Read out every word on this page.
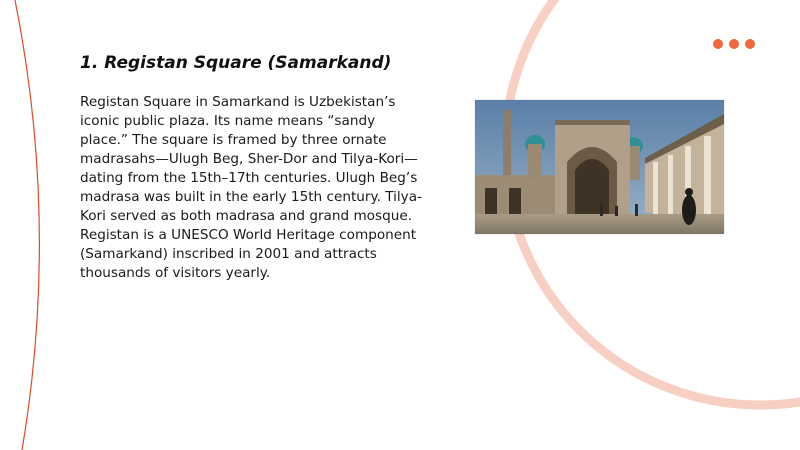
1. Registan Square (Samarkand)

Registan Square in Samarkand is Uzbekistan’s iconic public plaza. Its name means “sandy place.” The square is framed by three ornate madrasahs—Ulugh Beg, Sher-Dor and Tilya-Kori—dating from the 15th–17th centuries. Ulugh Beg’s madrasa was built in the early 15th century. Tilya-Kori served as both madrasa and grand mosque. Registan is a UNESCO World Heritage component (Samarkand) inscribed in 2001 and attracts thousands of visitors yearly.
